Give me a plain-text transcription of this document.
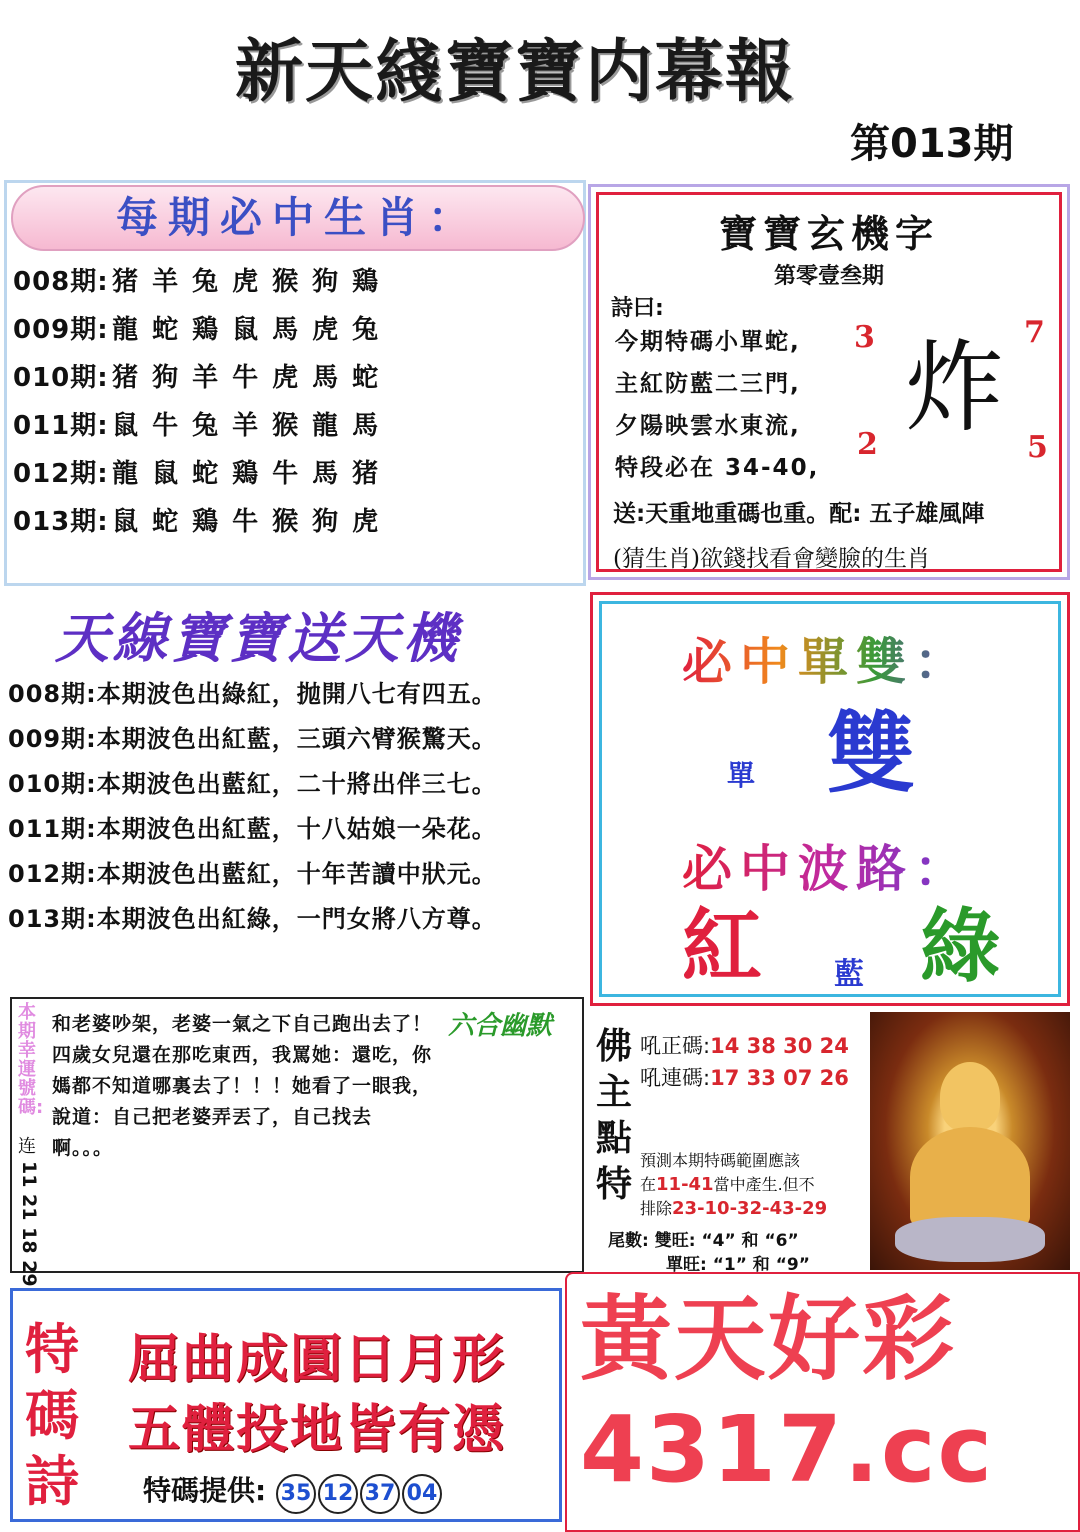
新天綫寶寶内幕報
第013期
每期必中生肖：
008期: 猪 羊 兔 虎 猴 狗 鶏
009期: 龍 蛇 鶏 鼠 馬 虎 兔
010期: 猪 狗 羊 牛 虎 馬 蛇
011期: 鼠 牛 兔 羊 猴 龍 馬
012期: 龍 鼠 蛇 鶏 牛 馬 猪
013期: 鼠 蛇 鶏 牛 猴 狗 虎
寶寶玄機字
第零壹叁期
詩曰:
今期特碼小單蛇,
主紅防藍二三門,
夕陽映雲水東流,
特段必在 34-40,
炸
3	7
2	5
送:天重地重碼也重。配: 五子雄風陣
(猜生肖)欲錢找看會變臉的生肖
天線寶寶送天機
008期:本期波色出綠紅，抛開八七有四五。
009期:本期波色出紅藍，三頭六臂猴驚天。
010期:本期波色出藍紅，二十將出伴三七。
011期:本期波色出紅藍，十八姑娘一朵花。
012期:本期波色出藍紅，十年苦讀中狀元。
013期:本期波色出紅綠，一門女將八方尊。
必中單雙：
單 雙
必中波路：
紅 藍 綠
本期幸運號碼:
连
11 21 18 29
和老婆吵架，老婆一氣之下自己跑出去了！四歲女兒還在那吃東西，我罵她：還吃，你媽都不知道哪裏去了！！！她看了一眼我，說道：自己把老婆弄丟了，自己找去啊。。。
六合幽默 佛主點特
吼正碼:14 38 30 24
吼連碼:17 33 07 26
預測本期特碼範圍應該
在11-41當中產生.但不
排除23-10-32-43-29
尾數: 雙旺: “4” 和 “6”
單旺: “1” 和 “9”
特碼詩
屈曲成圓日月形
五體投地皆有憑
特碼提供: 35 12 37 04
黃天好彩 4317.cc
